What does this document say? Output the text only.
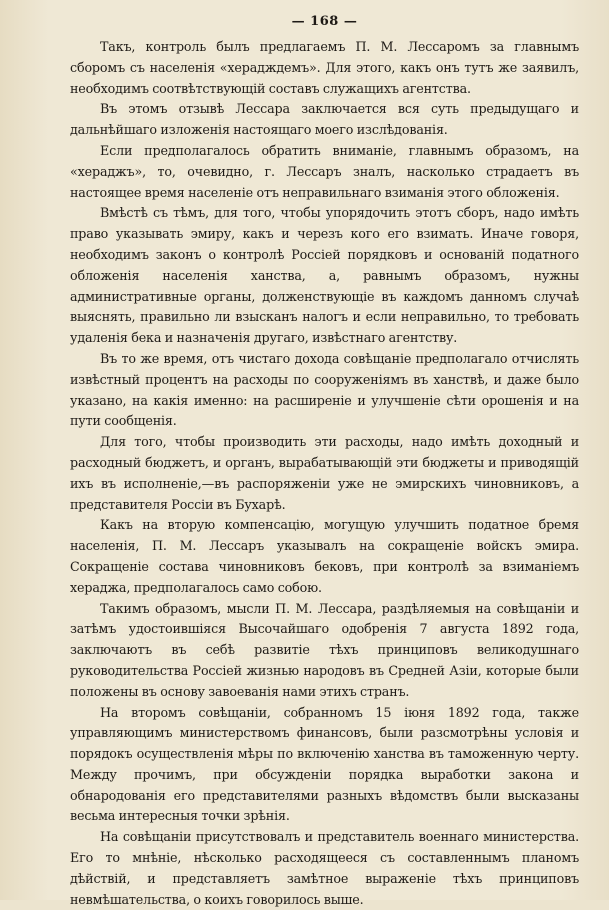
— 168 —

Такъ, контроль былъ предлагаемъ П. М. Лессаромъ за главнымъ сборомъ съ населенія «херадждемъ». Для этого, какъ онъ тутъ же заявилъ, необходимъ соотвѣтствующій составъ служащихъ агентства.

Въ этомъ отзывѣ Лессара заключается вся суть предыдущаго и дальнѣйшаго изложенія настоящаго моего изслѣдованія.

Если предполагалось обратить вниманіе, главнымъ образомъ, на «хераджъ», то, очевидно, г. Лессаръ зналъ, насколько страдаетъ въ настоящее время населеніе отъ неправильнаго взиманія этого обложенія.

Вмѣстѣ съ тѣмъ, для того, чтобы упорядочить этотъ сборъ, надо имѣть право указывать эмиру, какъ и черезъ кого его взимать. Иначе говоря, необходимъ законъ о контролѣ Россіей порядковъ и основаній податного обложенія населенія ханства, а, равнымъ образомъ, нужны административные органы, долженствующіе въ каждомъ данномъ случаѣ выяснять, правильно ли взысканъ налогъ и если неправильно, то требовать удаленія бека и назначенія другаго, извѣстнаго агентству.

Въ то же время, отъ чистаго дохода совѣщаніе предполагало отчислять извѣстный процентъ на расходы по сооруженіямъ въ ханствѣ, и даже было указано, на какія именно: на расширеніе и улучшеніе сѣти орошенія и на пути сообщенія.

Для того, чтобы производить эти расходы, надо имѣть доходный и расходный бюджетъ, и органъ, вырабатывающій эти бюджеты и приводящій ихъ въ исполненіе,—въ распоряженіи уже не эмирскихъ чиновниковъ, а представителя Россіи въ Бухарѣ.

Какъ на вторую компенсацію, могущую улучшить податное бремя населенія, П. М. Лессаръ указывалъ на сокращеніе войскъ эмира. Сокращеніе состава чиновниковъ бековъ, при контролѣ за взиманіемъ хераджа, предполагалось само собою.

Такимъ образомъ, мысли П. М. Лессара, раздѣляемыя на совѣщаніи и затѣмъ удостоившіяся Высочайшаго одобренія 7 августа 1892 года, заключаютъ въ себѣ развитіе тѣхъ принциповъ великодушнаго руководительства Россіей жизнью народовъ въ Средней Азіи, которые были положены въ основу завоеванія нами этихъ странъ.

На второмъ совѣщаніи, собранномъ 15 іюня 1892 года, также управляющимъ министерствомъ финансовъ, были разсмотрѣны условія и порядокъ осуществленія мѣры по включенію ханства въ таможенную черту. Между прочимъ, при обсужденіи порядка выработки закона и обнародованія его представителями разныхъ вѣдомствъ были высказаны весьма интересныя точки зрѣнія.

На совѣщаніи присутствовалъ и представитель военнаго министерства. Его то мнѣніе, нѣсколько расходящееся съ составленнымъ планомъ дѣйствій, и представляетъ замѣтное выраженіе тѣхъ принциповъ невмѣшательства, о коихъ говорилось выше.
